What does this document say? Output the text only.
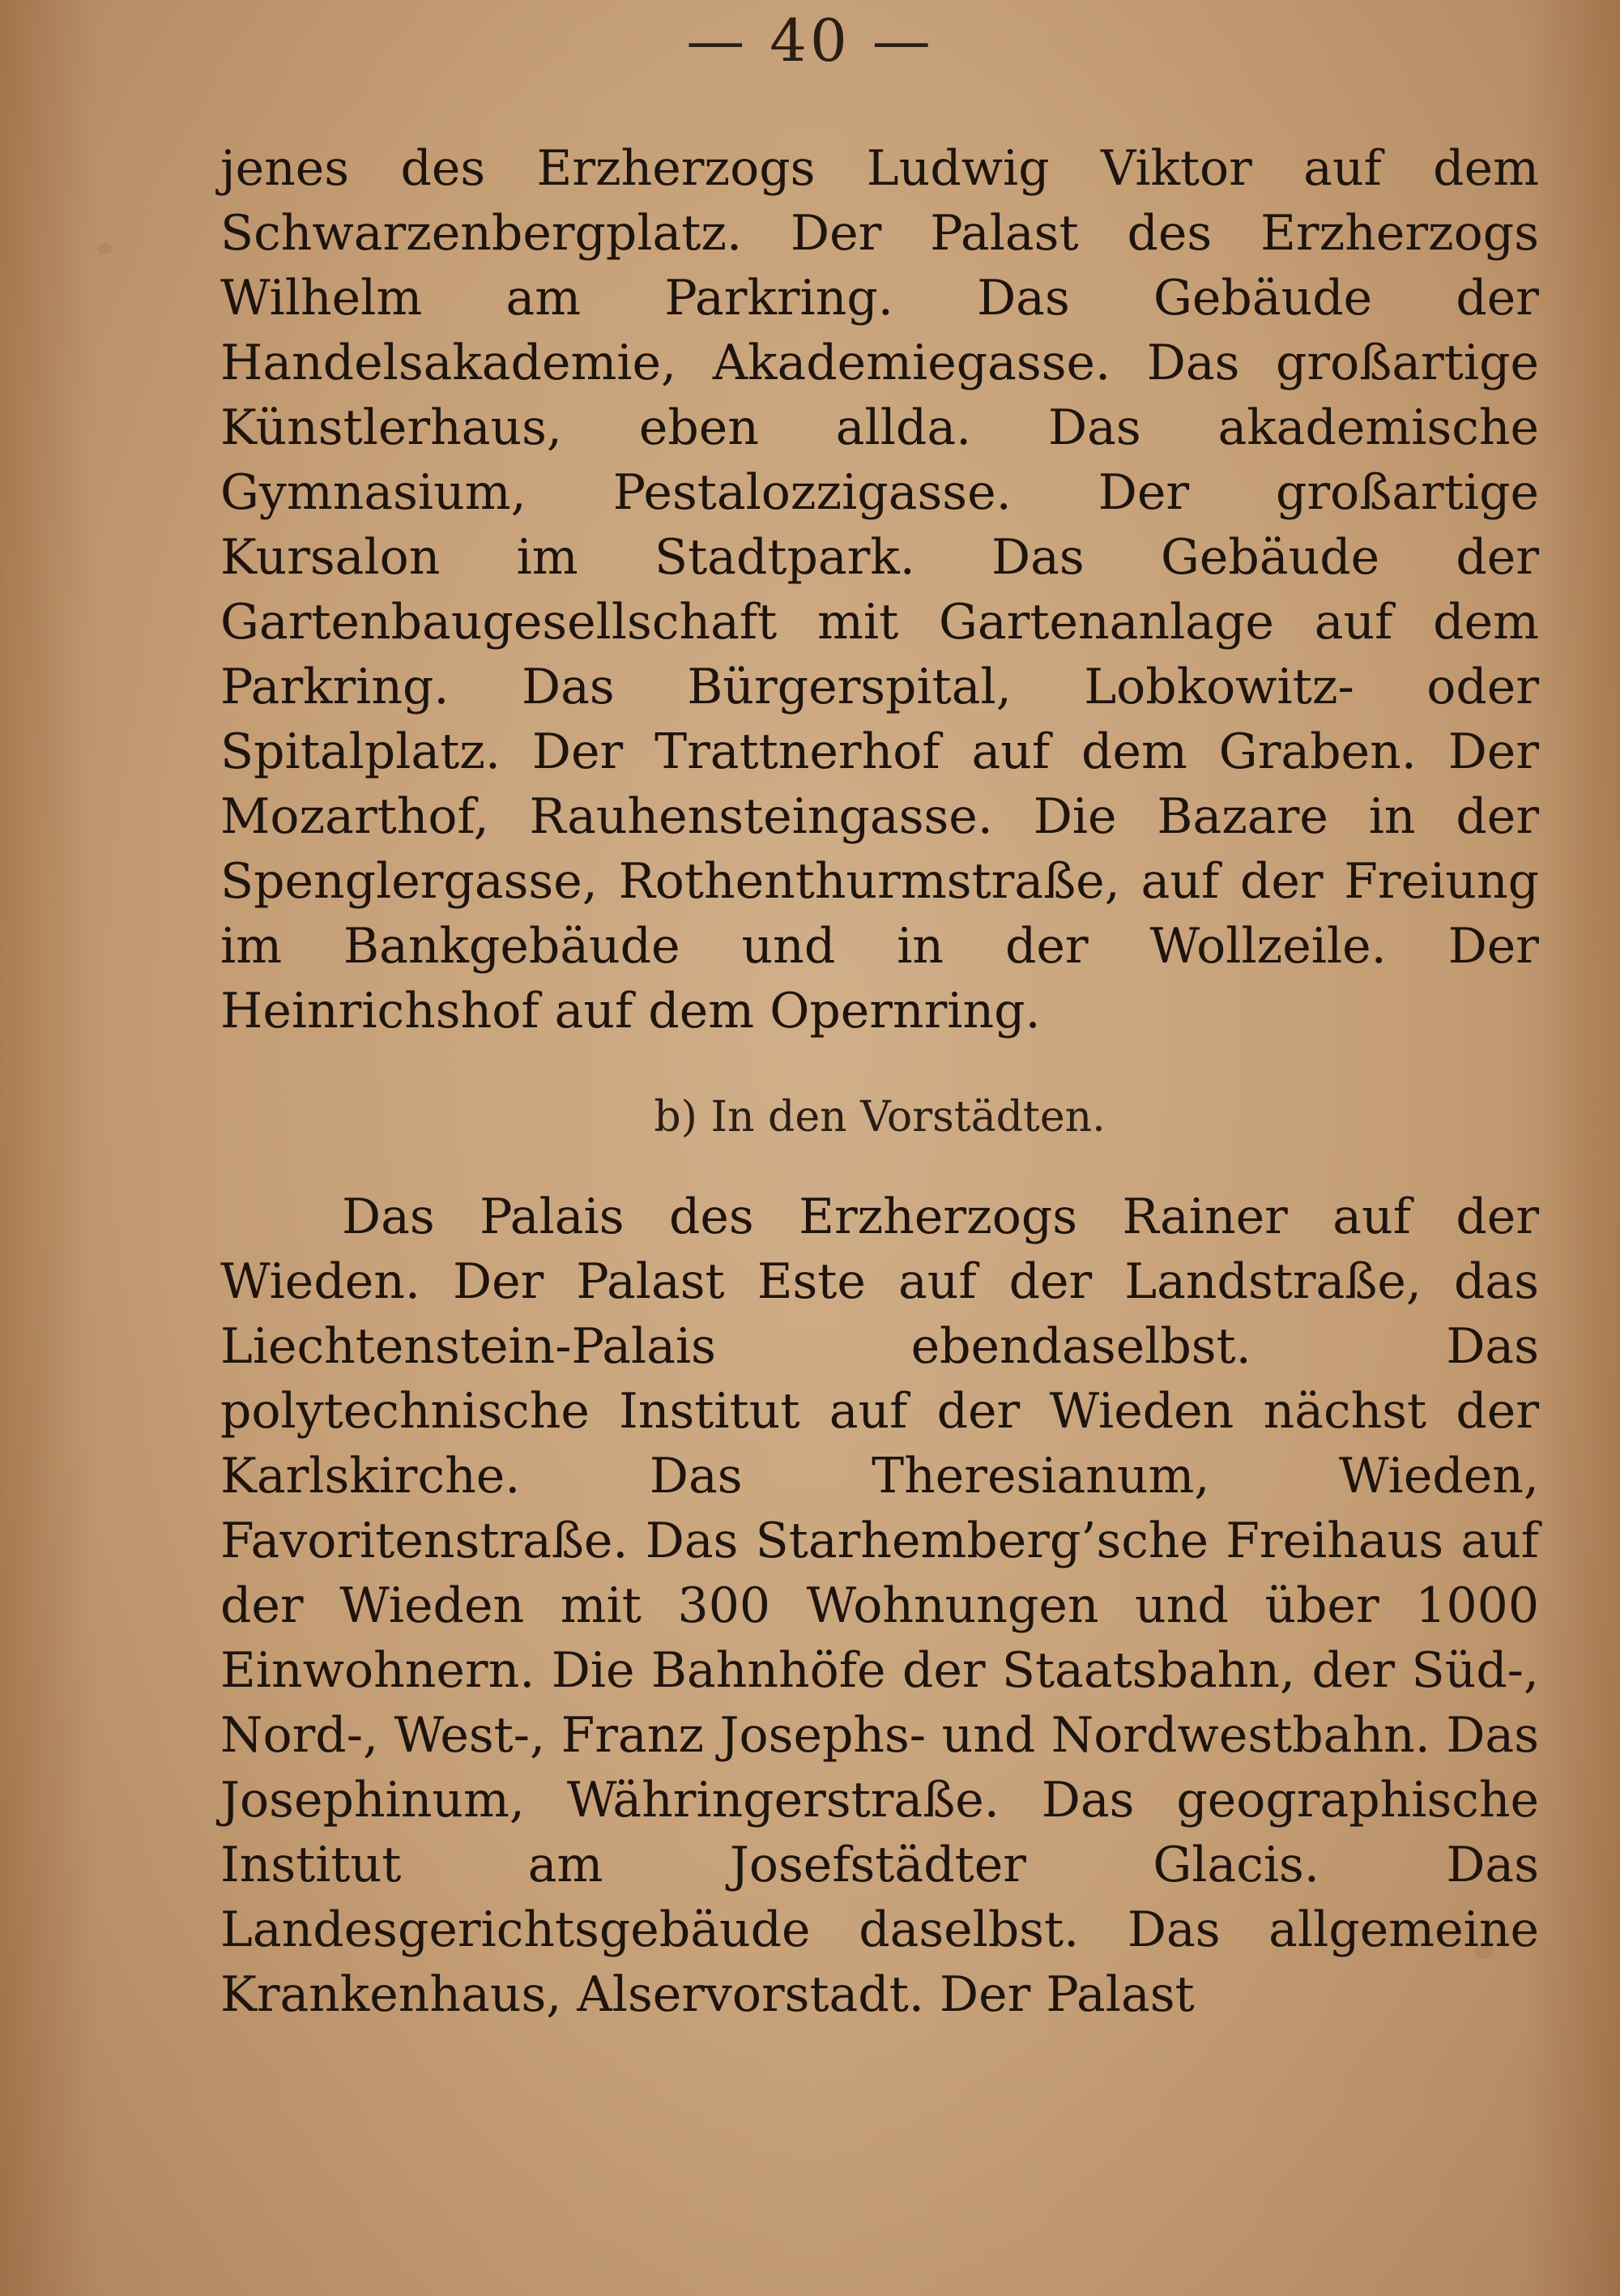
— 40 —

jenes des Erzherzogs Ludwig Viktor auf dem Schwarzenbergplatz. Der Palast des Erzherzogs Wilhelm am Parkring. Das Gebäude der Handelsakademie, Akademiegasse. Das großartige Künstlerhaus, eben allda. Das akademische Gymnasium, Pestalozzigasse. Der großartige Kursalon im Stadtpark. Das Gebäude der Gartenbaugesellschaft mit Gartenanlage auf dem Parkring. Das Bürgerspital, Lobkowitz- oder Spitalplatz. Der Trattnerhof auf dem Graben. Der Mozarthof, Rauhensteingasse. Die Bazare in der Spenglergasse, Rothenthurmstraße, auf der Freiung im Bankgebäude und in der Wollzeile. Der Heinrichshof auf dem Opernring.

b) In den Vorstädten.

Das Palais des Erzherzogs Rainer auf der Wieden. Der Palast Este auf der Landstraße, das Liechtenstein-Palais ebendaselbst. Das polytechnische Institut auf der Wieden nächst der Karlskirche. Das Theresianum, Wieden, Favoritenstraße. Das Starhemberg’sche Freihaus auf der Wieden mit 300 Wohnungen und über 1000 Einwohnern. Die Bahnhöfe der Staatsbahn, der Süd-, Nord-, West-, Franz Josephs- und Nordwestbahn. Das Josephinum, Währingerstraße. Das geographische Institut am Josefstädter Glacis. Das Landesgerichtsgebäude daselbst. Das allgemeine Krankenhaus, Alservorstadt. Der Palast
